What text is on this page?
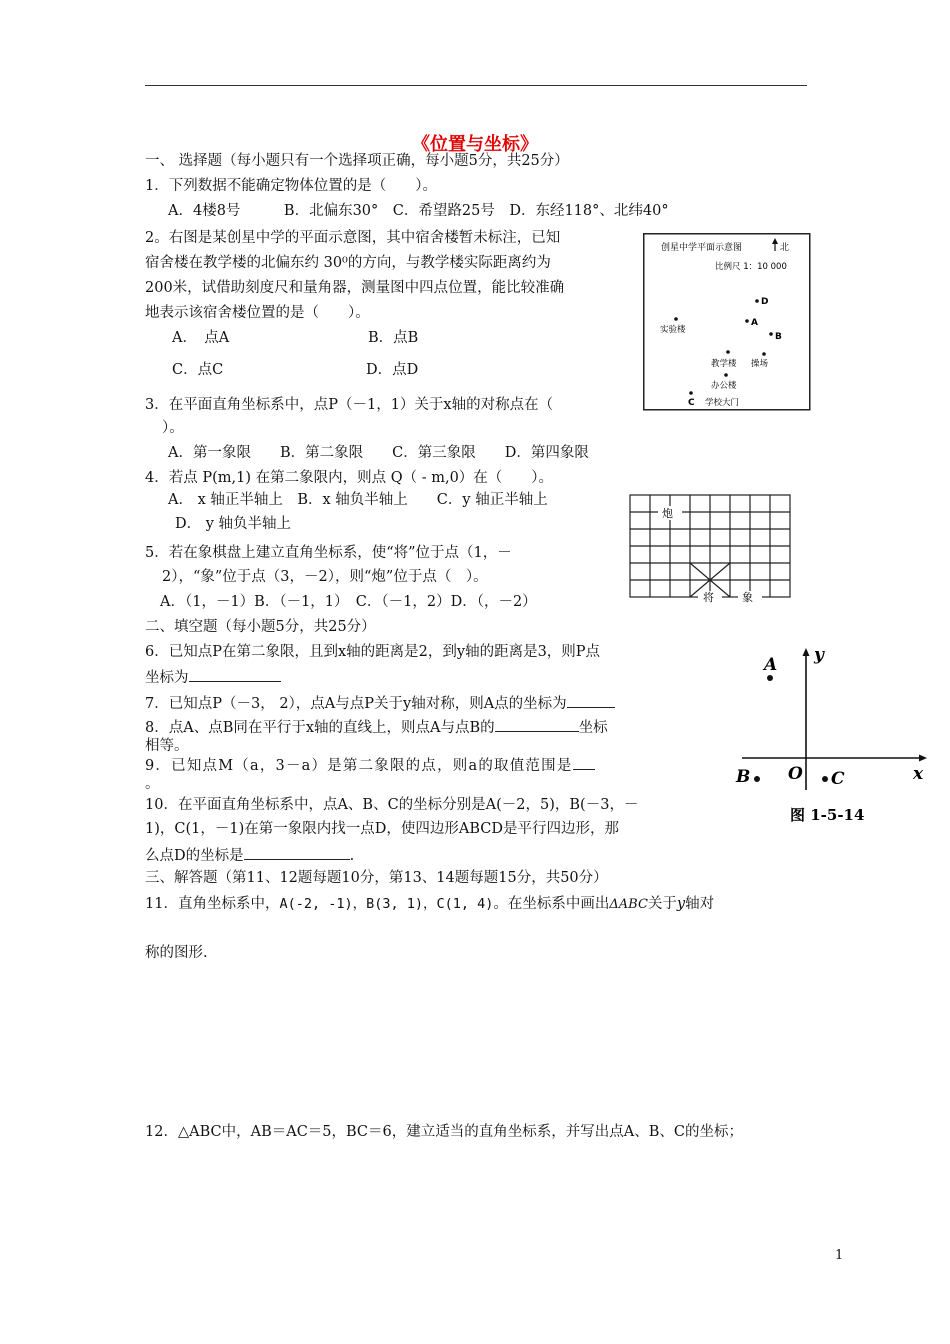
《位置与坐标》
一、 选择题（每小题只有一个选择项正确，每小题5分，共25分）
1．下列数据不能确定物体位置的是（　　）。
A．4楼8号　　　B．北偏东30°　C．希望路25号　D．东经118°、北纬40°
2。右图是某创星中学的平面示意图，其中宿舍楼暂未标注，已知
宿舍楼在教学楼的北偏东约 30⁰的方向，与教学楼实际距离约为
200米，试借助刻度尺和量角器，测量图中四点位置，能比较准确
地表示该宿舍楼位置的是（　　）。
A．　点A	B．点B
C．点C	D．点D
3．在平面直角坐标系中，点P（－1，1）关于x轴的对称点在（
）。
A．第一象限　　B．第二象限　　C．第三象限　　D．第四象限
4．若点 P(m,1) 在第二象限内，则点 Q（ - m,0）在（　　）。
A． x 轴正半轴上　B．x 轴负半轴上　　C．y 轴正半轴上
D． y 轴负半轴上
5．若在象棋盘上建立直角坐标系，使“将”位于点（1，－
2），“象”位于点（3，－2），则“炮”位于点（　）。
A．（1，－1）B．（－1，1）　C．（－1，2）D．（，－2）
二、填空题（每小题5分，共25分）
6．已知点P在第二象限，且到x轴的距离是2，到y轴的距离是3，则P点
坐标为
7．已知点P（－3， 2），点A与点P关于y轴对称，则A点的坐标为
8．点A、点B同在平行于x轴的直线上，则点A与点B的	坐标
相等。
9．已知点M（a，3－a）是第二象限的点，则a的取值范围是
。
10．在平面直角坐标系中，点A、B、C的坐标分别是A(－2，5)，B(－3，－
1)，C(1，－1)在第一象限内找一点D，使四边形ABCD是平行四边形，那
么点D的坐标是	.
三、解答题（第11、12题每题10分，第13、14题每题15分，共50分）
11．直角坐标系中，A(-2, -1)，B(3, 1)，C(1, 4)。在坐标系中画出ΔABC关于y轴对
称的图形.
12．△ABC中，AB＝AC＝5，BC＝6，建立适当的直角坐标系，并写出点A、B、C的坐标；
创星中学平面示意图	北
比例尺 1：10 000
D
A
B
实验楼
教学楼 操场
办公楼
C 学校大门
炮
将	象
y
x
A
B O C
图 1-5-14
1
